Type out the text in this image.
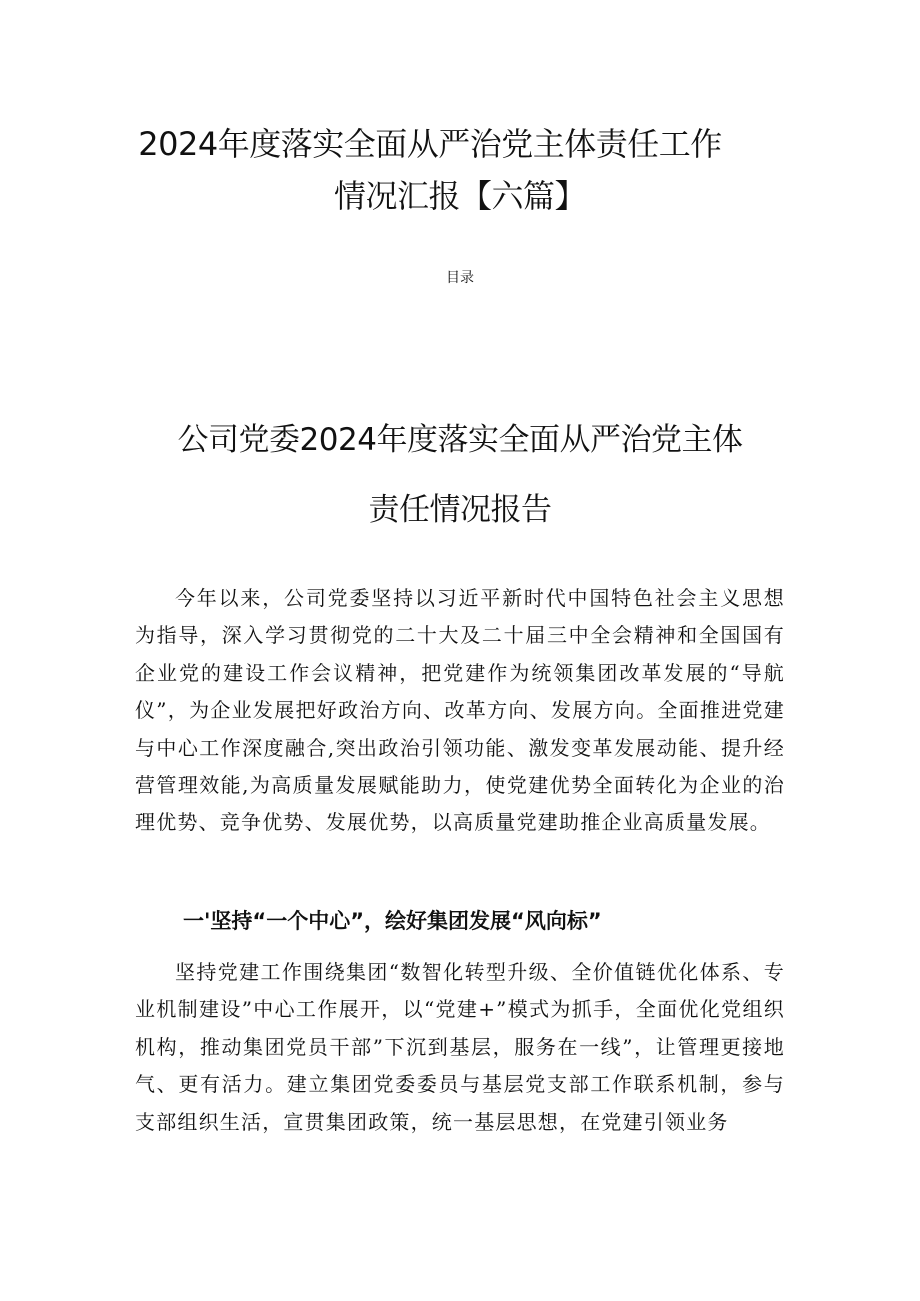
2024年度落实全面从严治党主体责任工作
情况汇报【六篇】
目录
公司党委2024年度落实全面从严治党主体
责任情况报告

今年以来，公司党委坚持以习近平新时代中国特色社会主义思想为指导，深入学习贯彻党的二十大及二十届三中全会精神和全国国有企业党的建设工作会议精神，把党建作为统领集团改革发展的“导航仪”，为企业发展把好政治方向、改革方向、发展方向。全面推进党建与中心工作深度融合,突出政治引领功能、激发变革发展动能、提升经营管理效能,为高质量发展赋能助力，使党建优势全面转化为企业的治理优势、竞争优势、发展优势，以高质量党建助推企业高质量发展。

一'坚持“一个中心”，绘好集团发展“风向标”

坚持党建工作围绕集团“数智化转型升级、全价值链优化体系、专业机制建设”中心工作展开，以“党建+”模式为抓手，全面优化党组织机构，推动集团党员干部”下沉到基层，服务在一线”，让管理更接地气、更有活力。建立集团党委委员与基层党支部工作联系机制，参与支部组织生活，宣贯集团政策，统一基层思想，在党建引领业务
